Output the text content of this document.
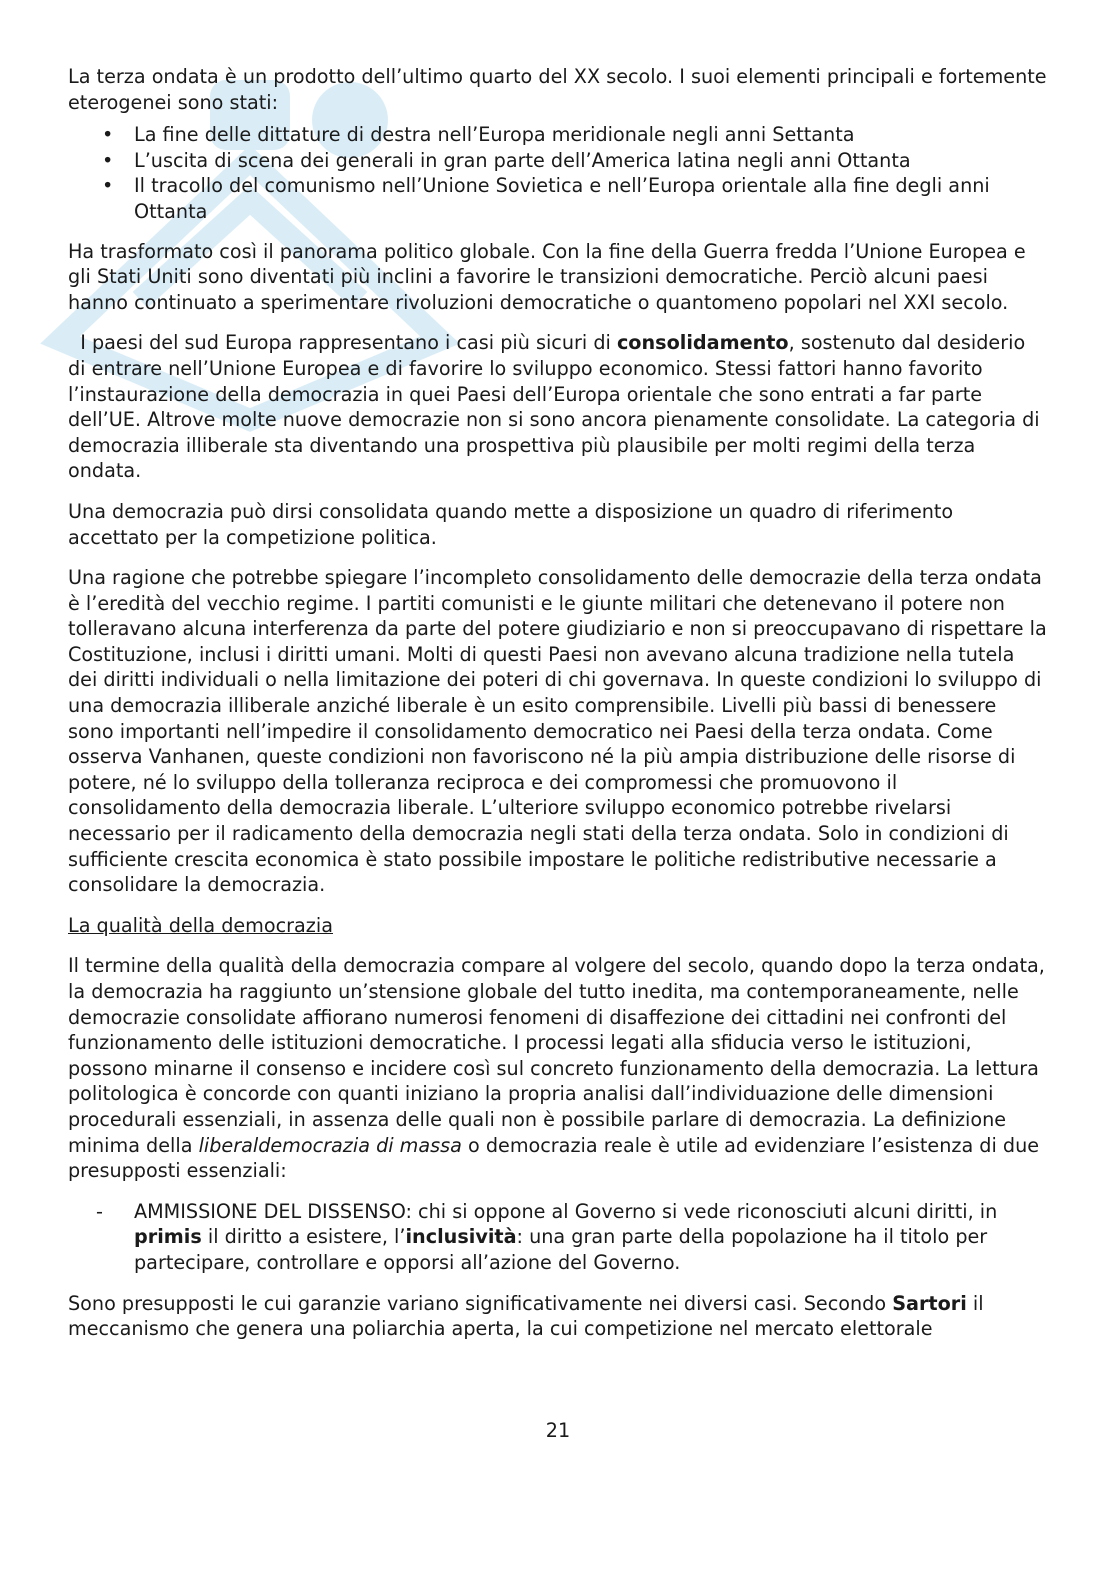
La terza ondata è un prodotto dell’ultimo quarto del XX secolo. I suoi elementi principali e fortemente eterogenei sono stati:

• La fine delle dittature di destra nell’Europa meridionale negli anni Settanta
• L’uscita di scena dei generali in gran parte dell’America latina negli anni Ottanta
• Il tracollo del comunismo nell’Unione Sovietica e nell’Europa orientale alla fine degli anni Ottanta

Ha trasformato così il panorama politico globale. Con la fine della Guerra fredda l’Unione Europea e gli Stati Uniti sono diventati più inclini a favorire le transizioni democratiche. Perciò alcuni paesi hanno continuato a sperimentare rivoluzioni democratiche o quantomeno popolari nel XXI secolo.

I paesi del sud Europa rappresentano i casi più sicuri di consolidamento, sostenuto dal desiderio di entrare nell’Unione Europea e di favorire lo sviluppo economico. Stessi fattori hanno favorito l’instaurazione della democrazia in quei Paesi dell’Europa orientale che sono entrati a far parte dell’UE. Altrove molte nuove democrazie non si sono ancora pienamente consolidate. La categoria di democrazia illiberale sta diventando una prospettiva più plausibile per molti regimi della terza ondata.

Una democrazia può dirsi consolidata quando mette a disposizione un quadro di riferimento accettato per la competizione politica.

Una ragione che potrebbe spiegare l’incompleto consolidamento delle democrazie della terza ondata è l’eredità del vecchio regime. I partiti comunisti e le giunte militari che detenevano il potere non tolleravano alcuna interferenza da parte del potere giudiziario e non si preoccupavano di rispettare la Costituzione, inclusi i diritti umani. Molti di questi Paesi non avevano alcuna tradizione nella tutela dei diritti individuali o nella limitazione dei poteri di chi governava. In queste condizioni lo sviluppo di una democrazia illiberale anziché liberale è un esito comprensibile. Livelli più bassi di benessere sono importanti nell’impedire il consolidamento democratico nei Paesi della terza ondata. Come osserva Vanhanen, queste condizioni non favoriscono né la più ampia distribuzione delle risorse di potere, né lo sviluppo della tolleranza reciproca e dei compromessi che promuovono il consolidamento della democrazia liberale. L’ulteriore sviluppo economico potrebbe rivelarsi necessario per il radicamento della democrazia negli stati della terza ondata. Solo in condizioni di sufficiente crescita economica è stato possibile impostare le politiche redistributive necessarie a consolidare la democrazia.

La qualità della democrazia

Il termine della qualità della democrazia compare al volgere del secolo, quando dopo la terza ondata, la democrazia ha raggiunto un’stensione globale del tutto inedita, ma contemporaneamente, nelle democrazie consolidate affiorano numerosi fenomeni di disaffezione dei cittadini nei confronti del funzionamento delle istituzioni democratiche. I processi legati alla sfiducia verso le istituzioni, possono minarne il consenso e incidere così sul concreto funzionamento della democrazia. La lettura politologica è concorde con quanti iniziano la propria analisi dall’individuazione delle dimensioni procedurali essenziali, in assenza delle quali non è possibile parlare di democrazia. La definizione minima della liberaldemocrazia di massa o democrazia reale è utile ad evidenziare l’esistenza di due presupposti essenziali:

- AMMISSIONE DEL DISSENSO: chi si oppone al Governo si vede riconosciuti alcuni diritti, in primis il diritto a esistere, l’inclusività: una gran parte della popolazione ha il titolo per partecipare, controllare e opporsi all’azione del Governo.

Sono presupposti le cui garanzie variano significativamente nei diversi casi. Secondo Sartori il meccanismo che genera una poliarchia aperta, la cui competizione nel mercato elettorale

21
